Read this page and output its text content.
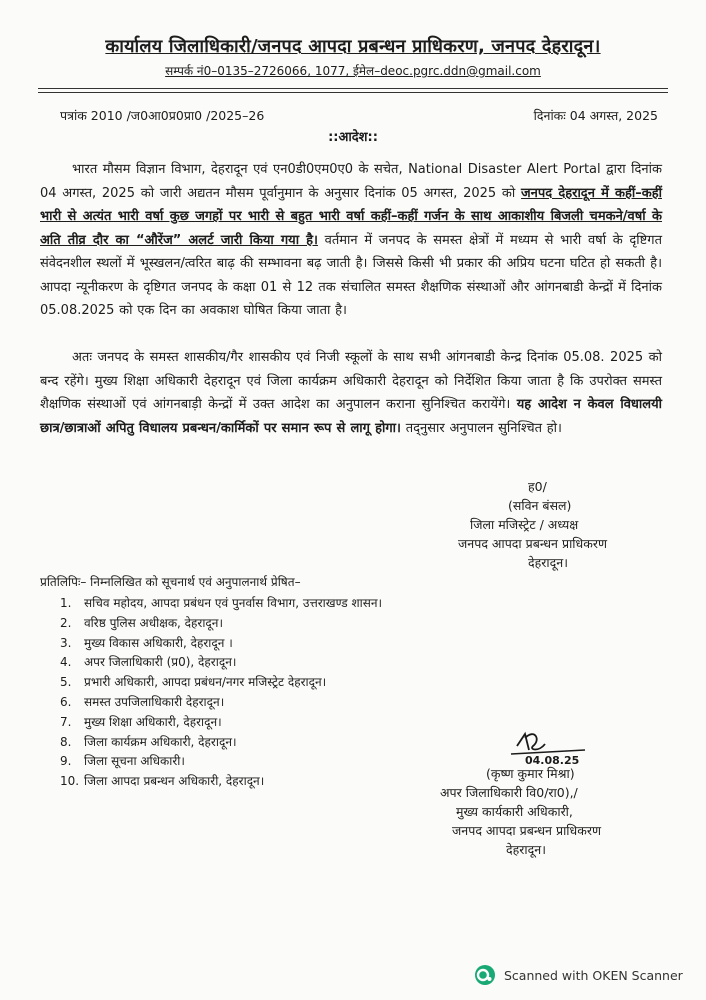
कार्यालय जिलाधिकारी/जनपद आपदा प्रबन्धन प्राधिकरण, जनपद देहरादून।
सम्पर्क नं0–0135–2726066, 1077, ईमेल–deoc.pgrc.ddn@gmail.com
पत्रांक 2010 /ज0आ0प्र0प्रा0 /2025–26	दिनांकः 04 अगस्त, 2025
::आदेश::
भारत मौसम विज्ञान विभाग, देहरादून एवं एन0डी0एम0ए0 के सचेत, National Disaster Alert Portal द्वारा दिनांक 04 अगस्त, 2025 को जारी अद्यतन मौसम पूर्वानुमान के अनुसार दिनांक 05 अगस्त, 2025 को जनपद देहरादून में कहीं–कहीं भारी से अत्यंत भारी वर्षा कुछ जगहों पर भारी से बहुत भारी वर्षा कहीं–कहीं गर्जन के साथ आकाशीय बिजली चमकने/वर्षा के अति तीव्र दौर का “औरेंज” अलर्ट जारी किया गया है। वर्तमान में जनपद के समस्त क्षेत्रों में मध्यम से भारी वर्षा के दृष्टिगत संवेदनशील स्थलों में भूस्खलन/त्वरित बाढ़ की सम्भावना बढ़ जाती है। जिससे किसी भी प्रकार की अप्रिय घटना घटित हो सकती है। आपदा न्यूनीकरण के दृष्टिगत जनपद के कक्षा 01 से 12 तक संचालित समस्त शैक्षणिक संस्थाओं और आंगनबाडी केन्द्रों में दिनांक 05.08.2025 को एक दिन का अवकाश घोषित किया जाता है।
अतः जनपद के समस्त शासकीय/गैर शासकीय एवं निजी स्कूलों के साथ सभी आंगनबाडी केन्द्र दिनांक 05.08. 2025 को बन्द रहेंगे। मुख्य शिक्षा अधिकारी देहरादून एवं जिला कार्यक्रम अधिकारी देहरादून को निर्देशित किया जाता है कि उपरोक्त समस्त शैक्षणिक संस्थाओं एवं आंगनबाड़ी केन्द्रों में उक्त आदेश का अनुपालन कराना सुनिश्चित करायेंगे। यह आदेश न केवल विधालयी छात्र/छात्राओं अपितु विधालय प्रबन्धन/कार्मिकों पर समान रूप से लागू होगा। तद्नुसार अनुपालन सुनिश्चित हो।
ह0/
(सविन बंसल)
जिला मजिस्ट्रेट / अध्यक्ष
जनपद आपदा प्रबन्धन प्राधिकरण
देहरादून।
प्रतिलिपिः– निम्नलिखित को सूचनार्थ एवं अनुपालनार्थ प्रेषित–
1. सचिव महोदय, आपदा प्रबंधन एवं पुनर्वास विभाग, उत्तराखण्ड शासन।
2. वरिष्ठ पुलिस अधीक्षक, देहरादून।
3. मुख्य विकास अधिकारी, देहरादून ।
4. अपर जिलाधिकारी (प्र0), देहरादून।
5. प्रभारी अधिकारी, आपदा प्रबंधन/नगर मजिस्ट्रेट देहरादून।
6. समस्त उपजिलाधिकारी देहरादून।
7. मुख्य शिक्षा अधिकारी, देहरादून।
8. जिला कार्यक्रम अधिकारी, देहरादून।
9. जिला सूचना अधिकारी।
10. जिला आपदा प्रबन्धन अधिकारी, देहरादून।
04.08.25
(कृष्ण कुमार मिश्रा)
अपर जिलाधिकारी वि0/रा0),/
मुख्य कार्यकारी अधिकारी,
जनपद आपदा प्रबन्धन प्राधिकरण
देहरादून।
Scanned with OKEN Scanner
